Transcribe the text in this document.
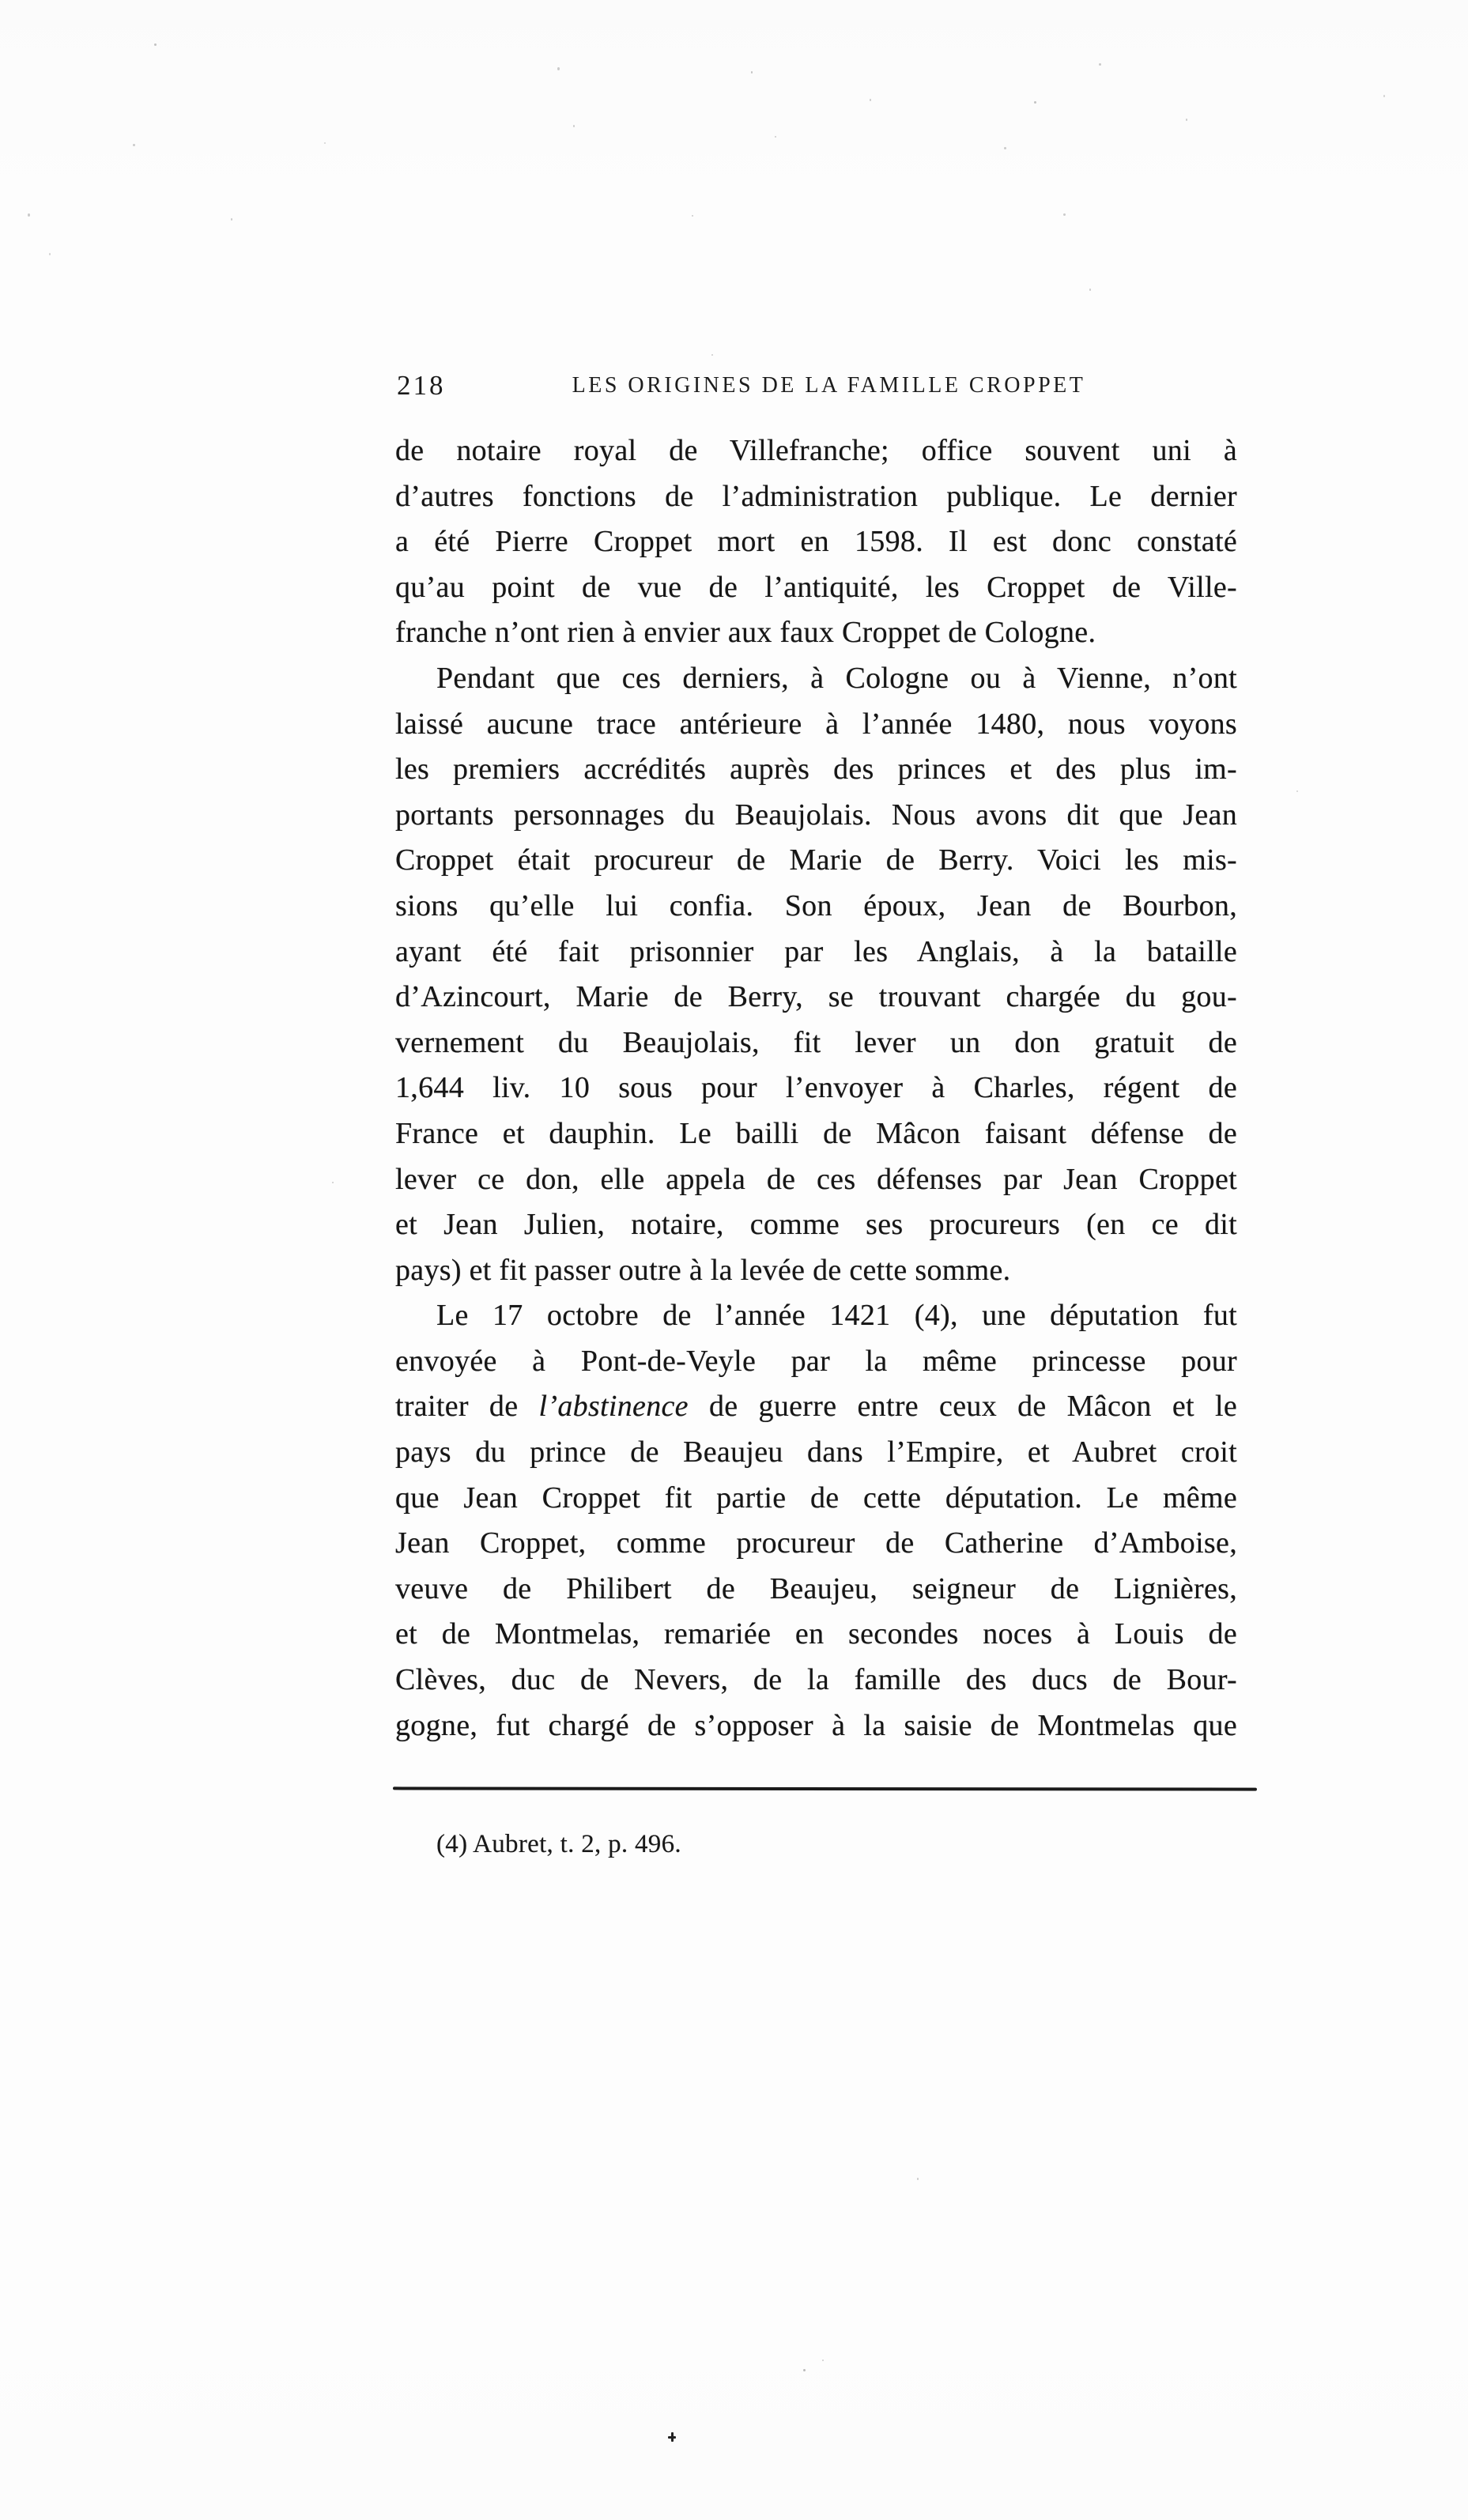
218	LES ORIGINES DE LA FAMILLE CROPPET
de notaire royal de Villefranche; office souvent uni à
d’autres fonctions de l’administration publique. Le dernier
a été Pierre Croppet mort en 1598. Il est donc constaté
qu’au point de vue de l’antiquité, les Croppet de Ville-
franche n’ont rien à envier aux faux Croppet de Cologne.
Pendant que ces derniers, à Cologne ou à Vienne, n’ont
laissé aucune trace antérieure à l’année 1480, nous voyons
les premiers accrédités auprès des princes et des plus im-
portants personnages du Beaujolais. Nous avons dit que Jean
Croppet était procureur de Marie de Berry. Voici les mis-
sions qu’elle lui confia. Son époux, Jean de Bourbon,
ayant été fait prisonnier par les Anglais, à la bataille
d’Azincourt, Marie de Berry, se trouvant chargée du gou-
vernement du Beaujolais, fit lever un don gratuit de
1,644 liv. 10 sous pour l’envoyer à Charles, régent de
France et dauphin. Le bailli de Mâcon faisant défense de
lever ce don, elle appela de ces défenses par Jean Croppet
et Jean Julien, notaire, comme ses procureurs (en ce dit
pays) et fit passer outre à la levée de cette somme.
Le 17 octobre de l’année 1421 (4), une députation fut
envoyée à Pont-de-Veyle par la même princesse pour
traiter de l’abstinence de guerre entre ceux de Mâcon et le
pays du prince de Beaujeu dans l’Empire, et Aubret croit
que Jean Croppet fit partie de cette députation. Le même
Jean Croppet, comme procureur de Catherine d’Amboise,
veuve de Philibert de Beaujeu, seigneur de Lignières,
et de Montmelas, remariée en secondes noces à Louis de
Clèves, duc de Nevers, de la famille des ducs de Bour-
gogne, fut chargé de s’opposer à la saisie de Montmelas que
(4) Aubret, t. 2, p. 496.
